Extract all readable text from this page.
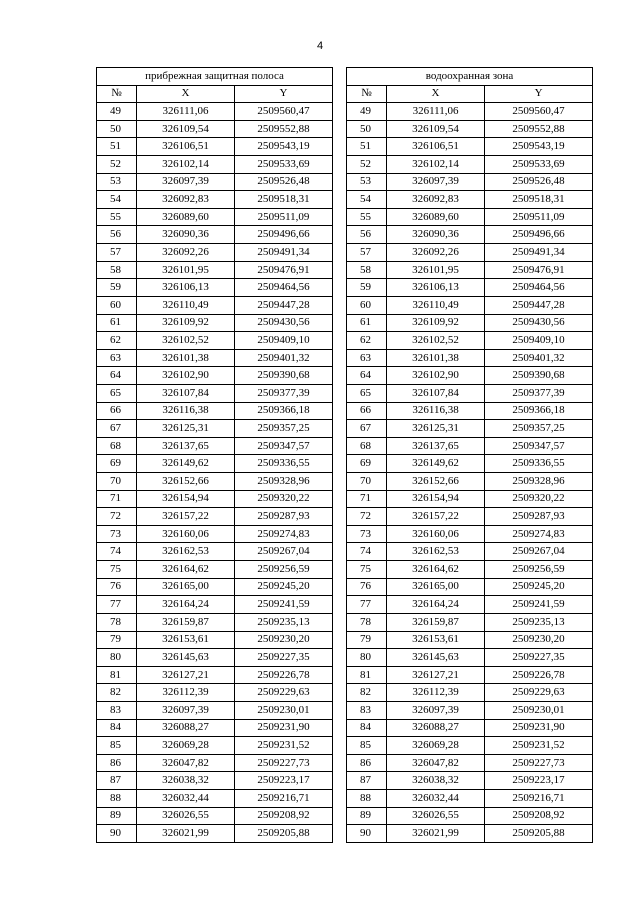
4
прибрежная защитная полоса				водоохранная зона		
№	X	Y		№	X	Y
49	326111,06	2509560,47		49	326111,06	2509560,47
50	326109,54	2509552,88		50	326109,54	2509552,88
51	326106,51	2509543,19		51	326106,51	2509543,19
52	326102,14	2509533,69		52	326102,14	2509533,69
53	326097,39	2509526,48		53	326097,39	2509526,48
54	326092,83	2509518,31		54	326092,83	2509518,31
55	326089,60	2509511,09		55	326089,60	2509511,09
56	326090,36	2509496,66		56	326090,36	2509496,66
57	326092,26	2509491,34		57	326092,26	2509491,34
58	326101,95	2509476,91		58	326101,95	2509476,91
59	326106,13	2509464,56		59	326106,13	2509464,56
60	326110,49	2509447,28		60	326110,49	2509447,28
61	326109,92	2509430,56		61	326109,92	2509430,56
62	326102,52	2509409,10		62	326102,52	2509409,10
63	326101,38	2509401,32		63	326101,38	2509401,32
64	326102,90	2509390,68		64	326102,90	2509390,68
65	326107,84	2509377,39		65	326107,84	2509377,39
66	326116,38	2509366,18		66	326116,38	2509366,18
67	326125,31	2509357,25		67	326125,31	2509357,25
68	326137,65	2509347,57		68	326137,65	2509347,57
69	326149,62	2509336,55		69	326149,62	2509336,55
70	326152,66	2509328,96		70	326152,66	2509328,96
71	326154,94	2509320,22		71	326154,94	2509320,22
72	326157,22	2509287,93		72	326157,22	2509287,93
73	326160,06	2509274,83		73	326160,06	2509274,83
74	326162,53	2509267,04		74	326162,53	2509267,04
75	326164,62	2509256,59		75	326164,62	2509256,59
76	326165,00	2509245,20		76	326165,00	2509245,20
77	326164,24	2509241,59		77	326164,24	2509241,59
78	326159,87	2509235,13		78	326159,87	2509235,13
79	326153,61	2509230,20		79	326153,61	2509230,20
80	326145,63	2509227,35		80	326145,63	2509227,35
81	326127,21	2509226,78		81	326127,21	2509226,78
82	326112,39	2509229,63		82	326112,39	2509229,63
83	326097,39	2509230,01		83	326097,39	2509230,01
84	326088,27	2509231,90		84	326088,27	2509231,90
85	326069,28	2509231,52		85	326069,28	2509231,52
86	326047,82	2509227,73		86	326047,82	2509227,73
87	326038,32	2509223,17		87	326038,32	2509223,17
88	326032,44	2509216,71		88	326032,44	2509216,71
89	326026,55	2509208,92		89	326026,55	2509208,92
90	326021,99	2509205,88		90	326021,99	2509205,88
